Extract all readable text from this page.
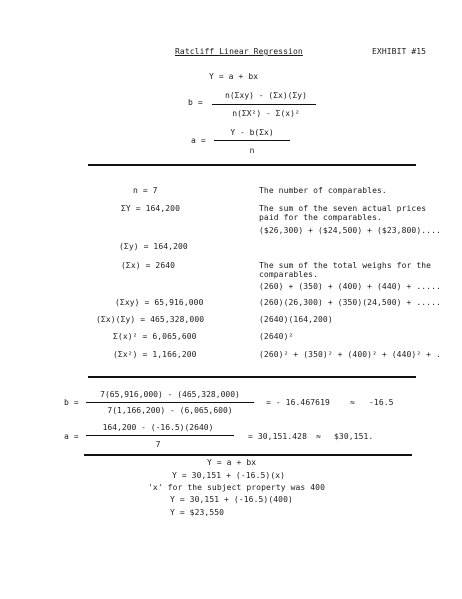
Ratcliff Linear Regression	EXHIBIT #15
Y = a + bx
b =
n(Σxy) - (Σx)(Σy)
n(ΣX²) - Σ(x)²
a =
Y - b(Σx)
n
n = 7	The number of comparables.
ΣY = 164,200	The sum of the seven actual prices
paid for the comparables.
($26,300) + ($24,500) + ($23,800)....
(Σy) = 164,200
(Σx) = 2640	The sum of the total weighs for the
comparables.
(260) + (350) + (400) + (440) + .....
(Σxy) = 65,916,000	(260)(26,300) + (350)(24,500) + .....
(Σx)(Σy) = 465,328,000	(2640)(164,200)
Σ(x)² = 6,065,600	(2640)²
(Σx²) = 1,166,200	(260)² + (350)² + (400)² + (440)² + .
b =
7(65,916,000) - (465,328,000)
7(1,166,200) - (6,065,600)
= - 16.467619	≈ -16.5
a =
164,200 - (-16.5)(2640)
7
= 30,151.428 ≈ $30,151.
Y = a + bx
Y = 30,151 + (-16.5)(x)
'x' for the subject property was 400
Y = 30,151 + (-16.5)(400)
Y = $23,550
